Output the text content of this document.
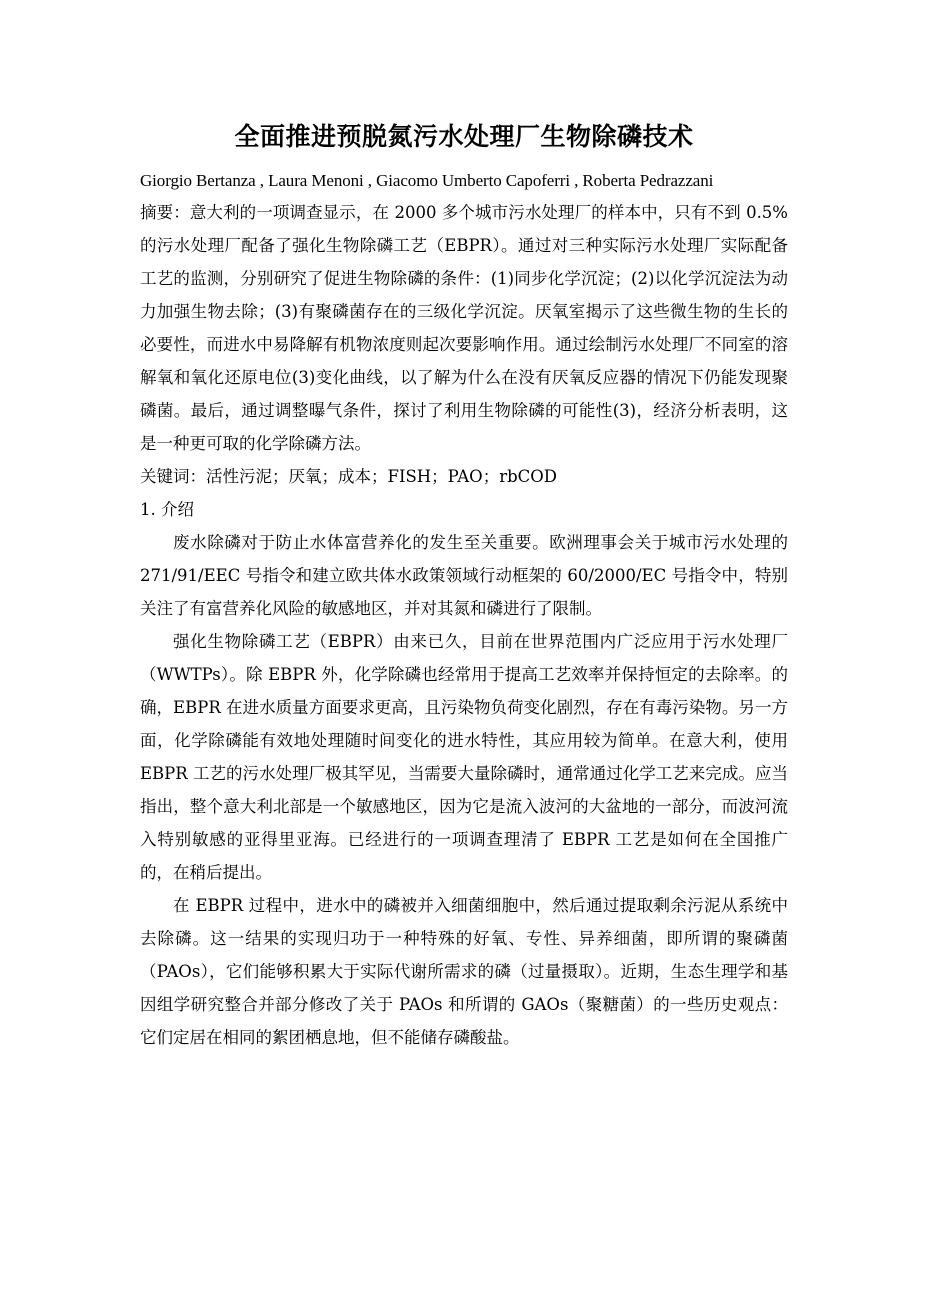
全面推进预脱氮污水处理厂生物除磷技术
Giorgio Bertanza , Laura Menoni , Giacomo Umberto Capoferri , Roberta Pedrazzani

摘要：意大利的一项调查显示，在 2000 多个城市污水处理厂的样本中，只有不到 0.5%的污水处理厂配备了强化生物除磷工艺（EBPR）。通过对三种实际污水处理厂实际配备工艺的监测，分别研究了促进生物除磷的条件：(1)同步化学沉淀；(2)以化学沉淀法为动力加强生物去除；(3)有聚磷菌存在的三级化学沉淀。厌氧室揭示了这些微生物的生长的必要性，而进水中易降解有机物浓度则起次要影响作用。通过绘制污水处理厂不同室的溶解氧和氧化还原电位(3)变化曲线，以了解为什么在没有厌氧反应器的情况下仍能发现聚磷菌。最后，通过调整曝气条件，探讨了利用生物除磷的可能性(3)，经济分析表明，这是一种更可取的化学除磷方法。

关键词：活性污泥；厌氧；成本；FISH；PAO；rbCOD

1. 介绍

废水除磷对于防止水体富营养化的发生至关重要。欧洲理事会关于城市污水处理的 271/91/EEC 号指令和建立欧共体水政策领域行动框架的 60/2000/EC 号指令中，特别关注了有富营养化风险的敏感地区，并对其氮和磷进行了限制。

强化生物除磷工艺（EBPR）由来已久，目前在世界范围内广泛应用于污水处理厂（WWTPs）。除 EBPR 外，化学除磷也经常用于提高工艺效率并保持恒定的去除率。的确，EBPR 在进水质量方面要求更高，且污染物负荷变化剧烈，存在有毒污染物。另一方面，化学除磷能有效地处理随时间变化的进水特性，其应用较为简单。在意大利，使用 EBPR 工艺的污水处理厂极其罕见，当需要大量除磷时，通常通过化学工艺来完成。应当指出，整个意大利北部是一个敏感地区，因为它是流入波河的大盆地的一部分，而波河流入特别敏感的亚得里亚海。已经进行的一项调查理清了 EBPR 工艺是如何在全国推广的，在稍后提出。

在 EBPR 过程中，进水中的磷被并入细菌细胞中，然后通过提取剩余污泥从系统中去除磷。这一结果的实现归功于一种特殊的好氧、专性、异养细菌，即所谓的聚磷菌（PAOs），它们能够积累大于实际代谢所需求的磷（过量摄取）。近期，生态生理学和基因组学研究整合并部分修改了关于 PAOs 和所谓的 GAOs（聚糖菌）的一些历史观点：它们定居在相同的絮团栖息地，但不能储存磷酸盐。
